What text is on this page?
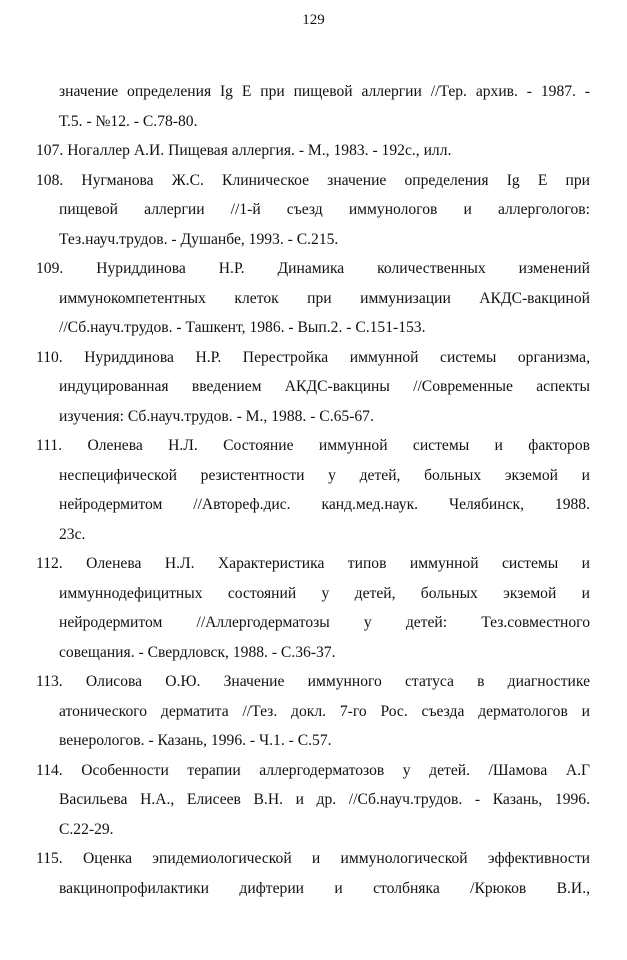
129
значение определения Ig E при пищевой аллергии //Тер. архив. - 1987. -
Т.5. - №12. - С.78-80.
107. Ногаллер А.И. Пищевая аллергия. - М., 1983. - 192с., илл.
108. Нугманова Ж.С. Клиническое значение определения Ig E при
пищевой аллергии //1-й съезд иммунологов и аллергологов:
Тез.науч.трудов. - Душанбе, 1993. - С.215.
109. Нуриддинова Н.Р. Динамика количественных изменений
иммунокомпетентных клеток при иммунизации АКДС-вакциной
//Сб.науч.трудов. - Ташкент, 1986. - Вып.2. - С.151-153.
110. Нуриддинова Н.Р. Перестройка иммунной системы организма,
индуцированная введением АКДС-вакцины //Современные аспекты
изучения: Сб.науч.трудов. - М., 1988. - С.65-67.
111. Оленева Н.Л. Состояние иммунной системы и факторов
неспецифической резистентности у детей, больных экземой и
нейродермитом //Автореф.дис. канд.мед.наук. Челябинск, 1988.
23с.
112. Оленева Н.Л. Характеристика типов иммунной системы и
иммуннодефицитных состояний у детей, больных экземой и
нейродермитом //Аллергодерматозы у детей: Тез.совместного
совещания. - Свердловск, 1988. - С.36-37.
113. Олисова О.Ю. Значение иммунного статуса в диагностике
атонического дерматита //Тез. докл. 7-го Рос. съезда дерматологов и
венерологов. - Казань, 1996. - Ч.1. - С.57.
114. Особенности терапии аллергодерматозов у детей. /Шамова А.Г
Васильева Н.А., Елисеев В.Н. и др. //Сб.науч.трудов. - Казань, 1996.
С.22-29.
115. Оценка эпидемиологической и иммунологической эффективности
вакцинопрофилактики дифтерии и столбняка /Крюков В.И.,
